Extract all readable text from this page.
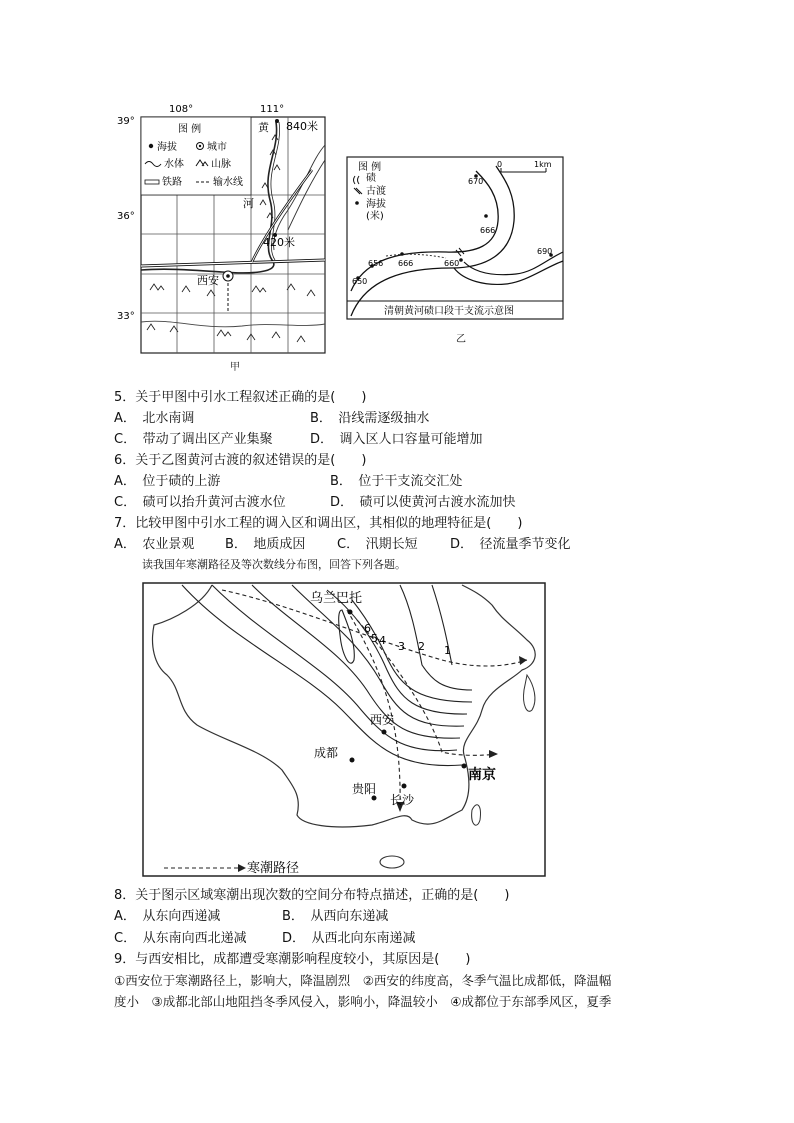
108°	111°
39°
36°
33°
图 例
海拔	城市
水体	山脉
铁路	输水线
黄 840米
河
420米
西安
甲
图 例
碛
古渡
海拔
(米)
0	1km
670
666
690
656 666	660
650
清朝黄河碛口段干支流示意图
乙
5．关于甲图中引水工程叙述正确的是(　　)
A．　北水南调	B．　沿线需逐级抽水
C．　带动了调出区产业集聚	D．　调入区人口容量可能增加
6．关于乙图黄河古渡的叙述错误的是(　　)
A．　位于碛的上游	B．　位于干支流交汇处
C．　碛可以抬升黄河古渡水位	D．　碛可以使黄河古渡水流加快
7．比较甲图中引水工程的调入区和调出区，其相似的地理特征是(　　)
A．　农业景观 B．　地质成因 C．　汛期长短 D．　径流量季节变化
读我国年寒潮路径及等次数线分布图，回答下列各题。
乌兰巴托
西安
成都
贵阳
长沙
南京
6
5 4 3 2 1
寒潮路径
8．关于图示区域寒潮出现次数的空间分布特点描述，正确的是(　　)
A．　从东向西递减	B．　从西向东递减
C．　从东南向西北递减	D．　从西北向东南递减
9．与西安相比，成都遭受寒潮影响程度较小，其原因是(　　)
①西安位于寒潮路径上，影响大，降温剧烈　②西安的纬度高，冬季气温比成都低，降温幅
度小　③成都北部山地阻挡冬季风侵入，影响小，降温较小　④成都位于东部季风区，夏季
